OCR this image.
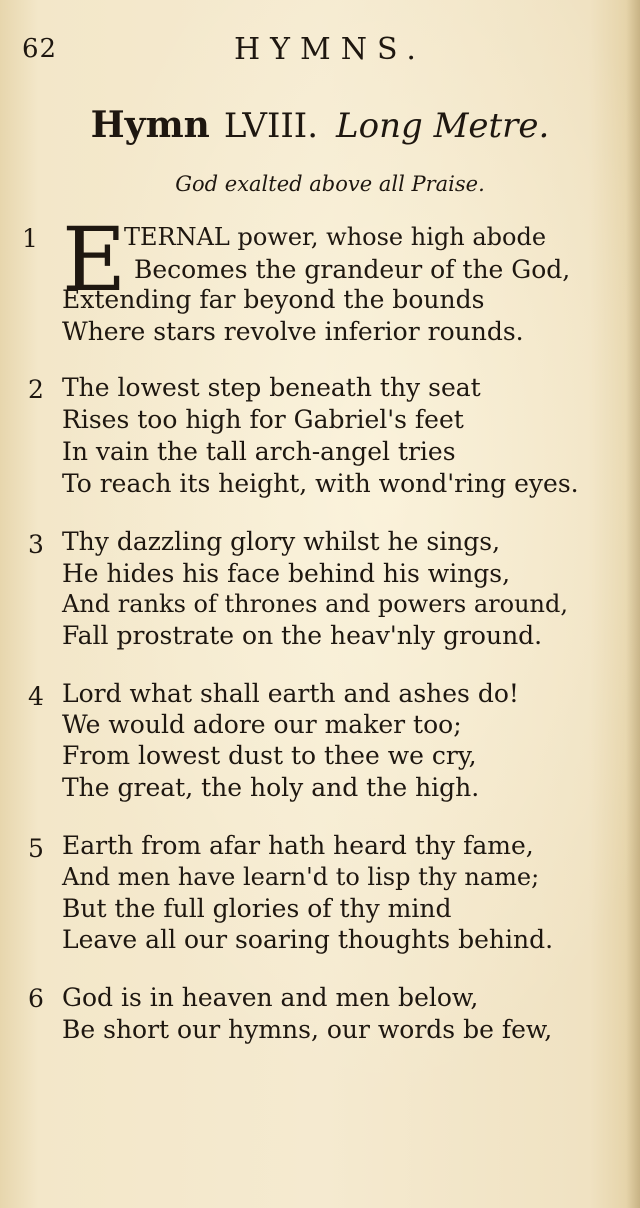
62	HYMNS.
Hymn LVIII. Long Metre.
God exalted above all Praise.
E
1	TERNAL power, whose high abode
Becomes the grandeur of the God,
Extending far beyond the bounds
Where stars revolve inferior rounds.
2 The lowest step beneath thy seat
Rises too high for Gabriel's feet
In vain the tall arch-angel tries
To reach its height, with wond'ring eyes.
3 Thy dazzling glory whilst he sings,
He hides his face behind his wings,
And ranks of thrones and powers around,
Fall prostrate on the heav'nly ground.
4 Lord what shall earth and ashes do!
We would adore our maker too;
From lowest dust to thee we cry,
The great, the holy and the high.
5 Earth from afar hath heard thy fame,
And men have learn'd to lisp thy name;
But the full glories of thy mind
Leave all our soaring thoughts behind.
6 God is in heaven and men below,
Be short our hymns, our words be few,
